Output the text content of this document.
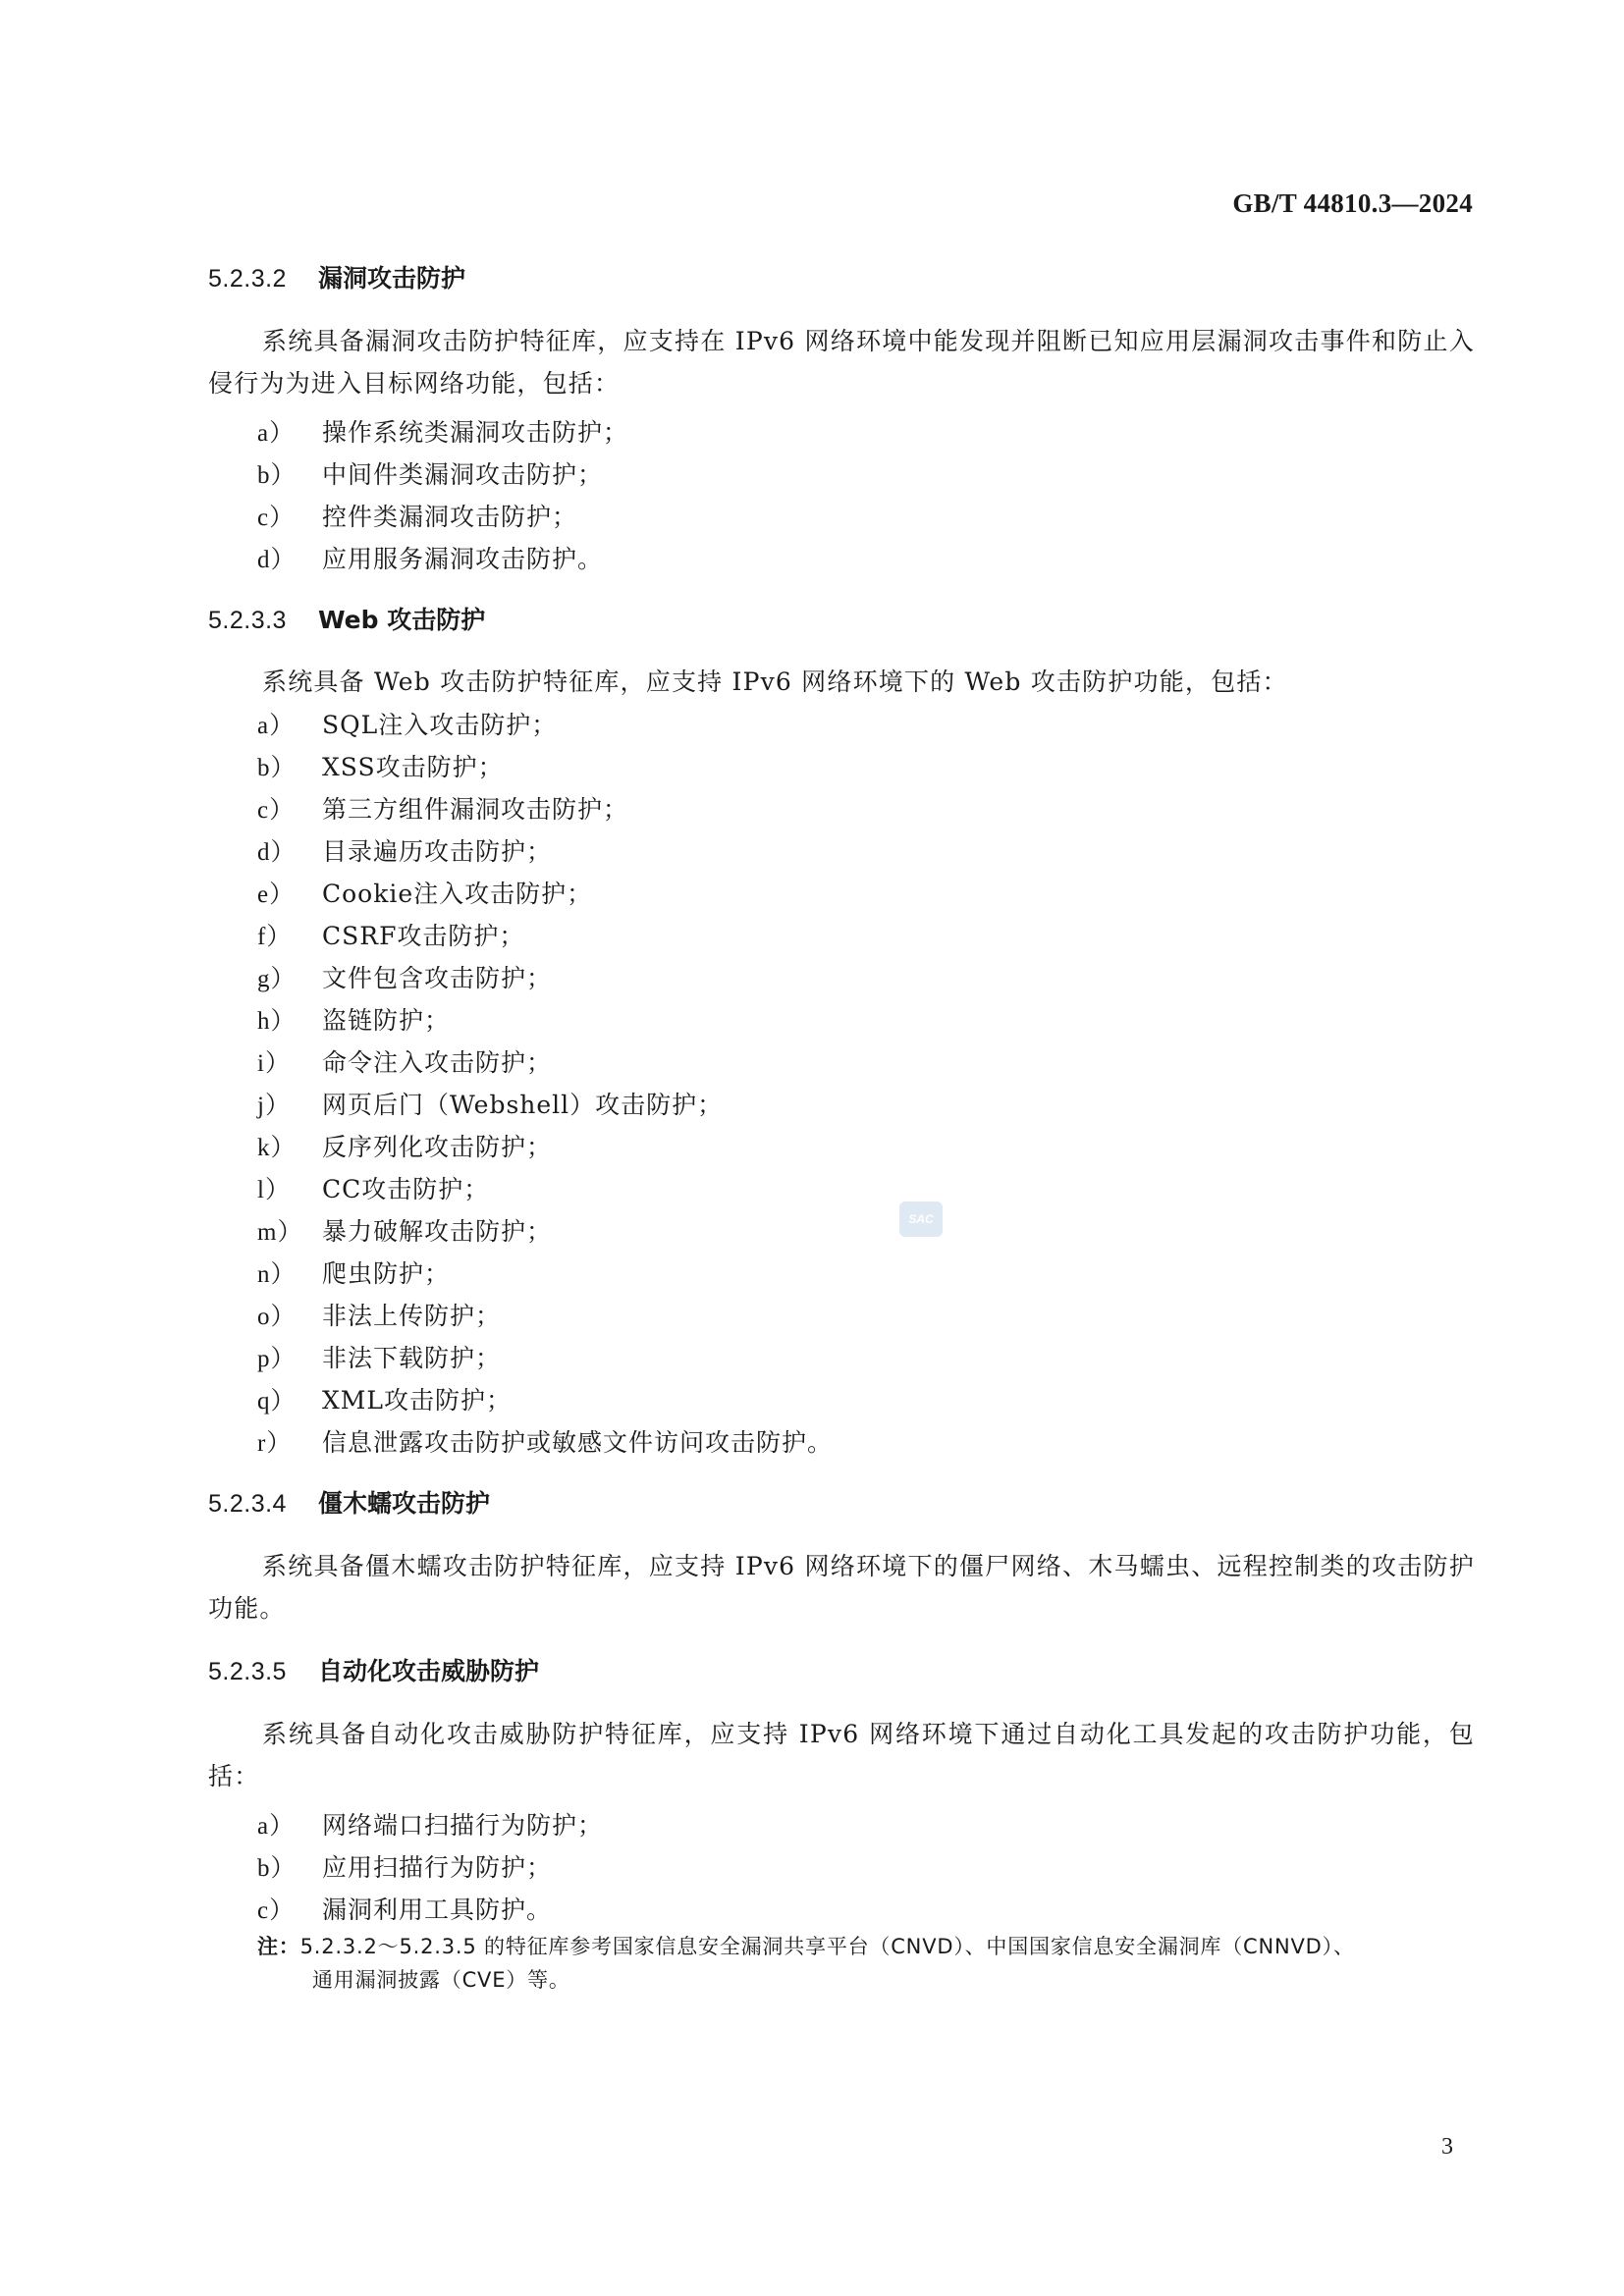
GB/T 44810.3—2024
5.2.3.2 漏洞攻击防护

系统具备漏洞攻击防护特征库，应支持在 IPv6 网络环境中能发现并阻断已知应用层漏洞攻击事件和防止入侵行为为进入目标网络功能，包括：

a） 操作系统类漏洞攻击防护；
b） 中间件类漏洞攻击防护；
c） 控件类漏洞攻击防护；
d） 应用服务漏洞攻击防护。
5.2.3.3 Web 攻击防护

系统具备 Web 攻击防护特征库，应支持 IPv6 网络环境下的 Web 攻击防护功能，包括：

a） SQL注入攻击防护；
b） XSS攻击防护；
c） 第三方组件漏洞攻击防护；
d） 目录遍历攻击防护；
e） Cookie注入攻击防护；
f） CSRF攻击防护；
g） 文件包含攻击防护；
h） 盗链防护；
i） 命令注入攻击防护；
j） 网页后门（Webshell）攻击防护；
k） 反序列化攻击防护；
l） CC攻击防护；
m） 暴力破解攻击防护；
n） 爬虫防护；
o） 非法上传防护；
p） 非法下载防护；
q） XML攻击防护；
r） 信息泄露攻击防护或敏感文件访问攻击防护。
5.2.3.4 僵木蠕攻击防护

系统具备僵木蠕攻击防护特征库，应支持 IPv6 网络环境下的僵尸网络、木马蠕虫、远程控制类的攻击防护功能。

5.2.3.5 自动化攻击威胁防护

系统具备自动化攻击威胁防护特征库，应支持 IPv6 网络环境下通过自动化工具发起的攻击防护功能，包括：

a） 网络端口扫描行为防护；
b） 应用扫描行为防护；
c） 漏洞利用工具防护。
注：5.2.3.2～5.2.3.5 的特征库参考国家信息安全漏洞共享平台（CNVD）、中国国家信息安全漏洞库（CNNVD）、
通用漏洞披露（CVE）等。
SAC
3
